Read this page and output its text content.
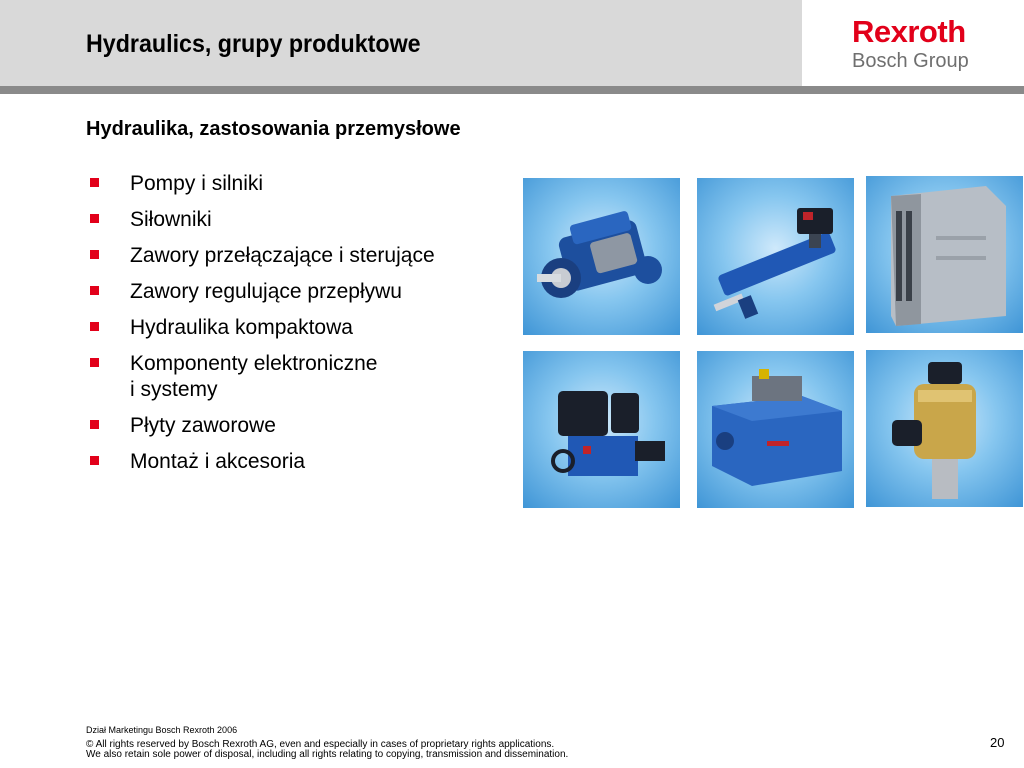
Hydraulics, grupy produktowe	Rexroth
Bosch Group
Hydraulika, zastosowania przemysłowe
Pompy i silniki
Siłowniki
Zawory przełączające i sterujące
Zawory regulujące przepływu
Hydraulika kompaktowa
Komponenty elektroniczne
i systemy
Płyty zaworowe
Montaż i akcesoria
Dział Marketingu Bosch Rexroth 2006
© All rights reserved by Bosch Rexroth AG, even and especially in cases of proprietary rights applications.
We also retain sole power of disposal, including all rights relating to copying, transmission and dissemination.
20
